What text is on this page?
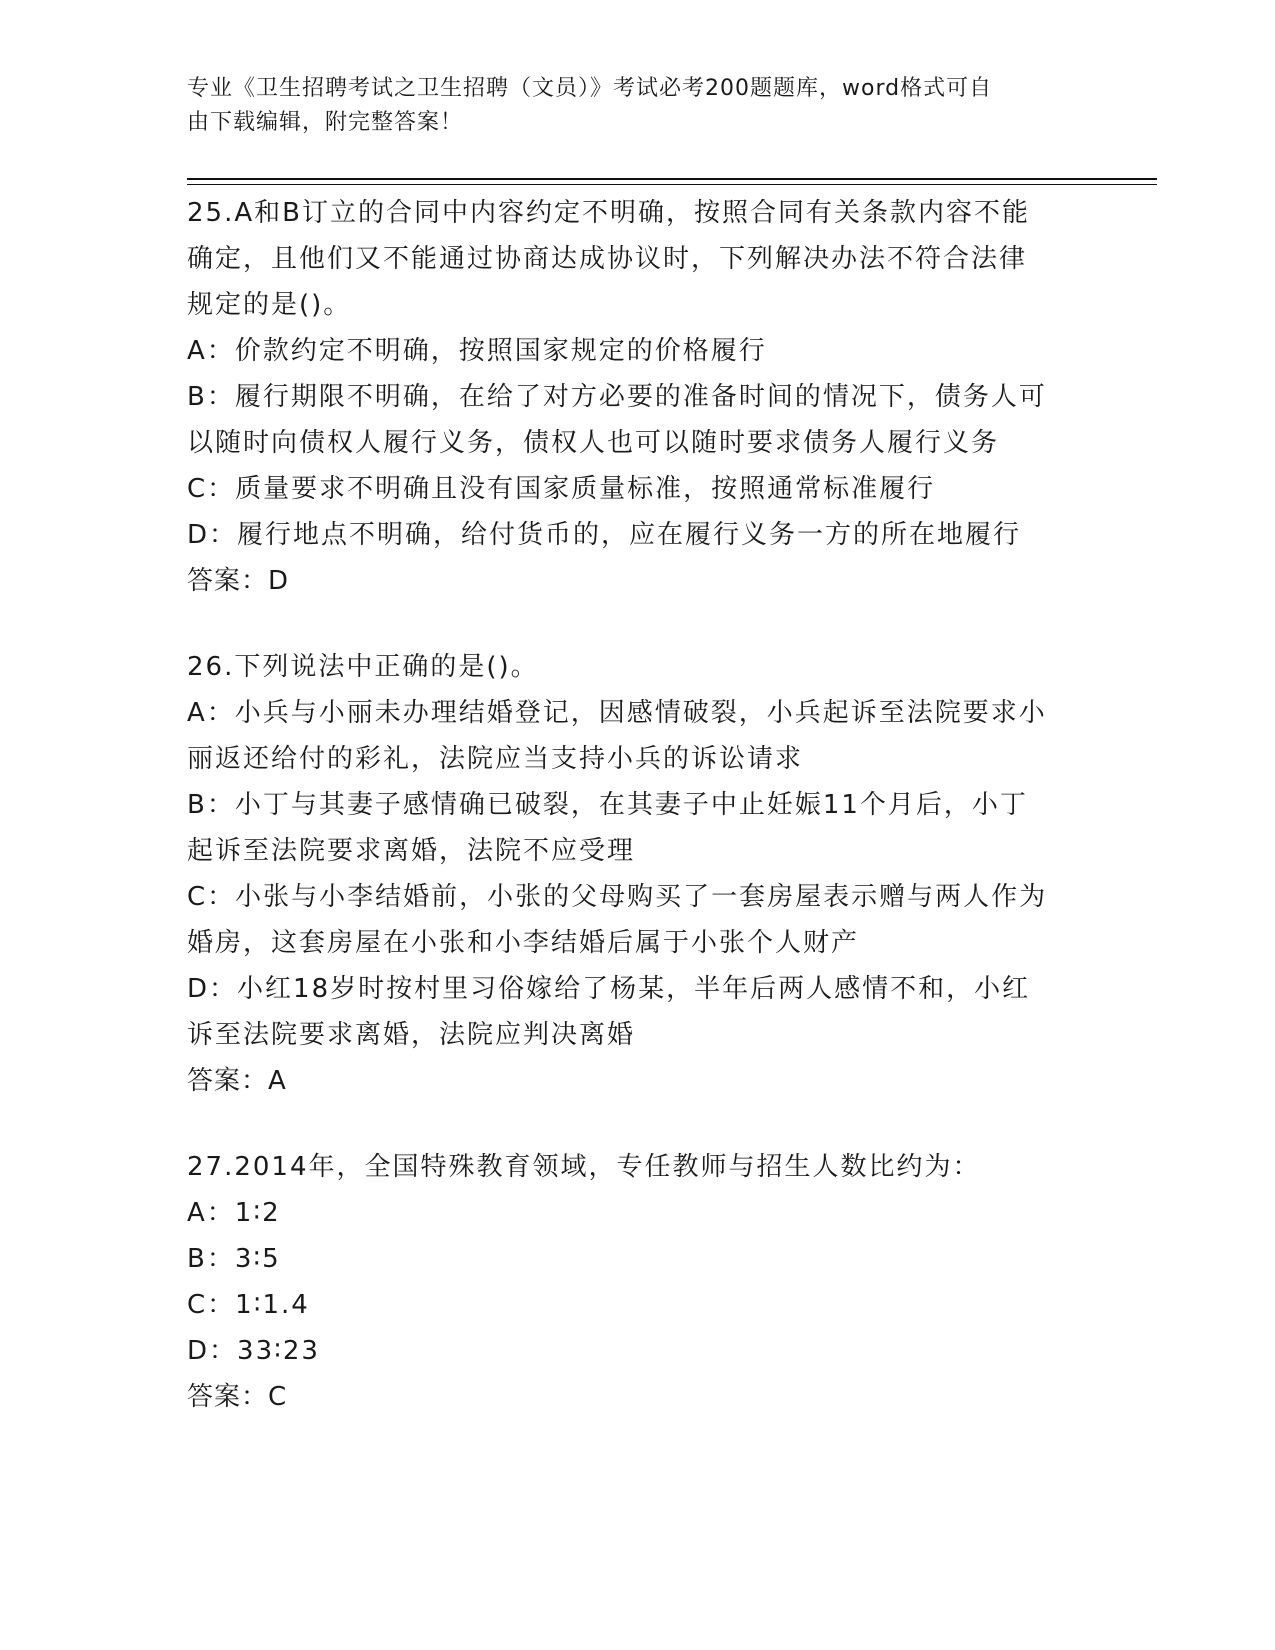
专业《卫生招聘考试之卫生招聘（文员）》考试必考200题题库，word格式可自
由下载编辑，附完整答案！

25.A和B订立的合同中内容约定不明确，按照合同有关条款内容不能

确定，且他们又不能通过协商达成协议时，下列解决办法不符合法律

规定的是()。

A：价款约定不明确，按照国家规定的价格履行

B：履行期限不明确，在给了对方必要的准备时间的情况下，债务人可

以随时向债权人履行义务，债权人也可以随时要求债务人履行义务

C：质量要求不明确且没有国家质量标准，按照通常标准履行

D：履行地点不明确，给付货币的，应在履行义务一方的所在地履行

答案：D

26.下列说法中正确的是()。

A：小兵与小丽未办理结婚登记，因感情破裂，小兵起诉至法院要求小

丽返还给付的彩礼，法院应当支持小兵的诉讼请求

B：小丁与其妻子感情确已破裂，在其妻子中止妊娠11个月后，小丁

起诉至法院要求离婚，法院不应受理

C：小张与小李结婚前，小张的父母购买了一套房屋表示赠与两人作为

婚房，这套房屋在小张和小李结婚后属于小张个人财产

D：小红18岁时按村里习俗嫁给了杨某，半年后两人感情不和，小红

诉至法院要求离婚，法院应判决离婚

答案：A

27.2014年，全国特殊教育领域，专任教师与招生人数比约为：

A：1∶2

B：3∶5

C：1∶1.4

D：33∶23

答案：C
